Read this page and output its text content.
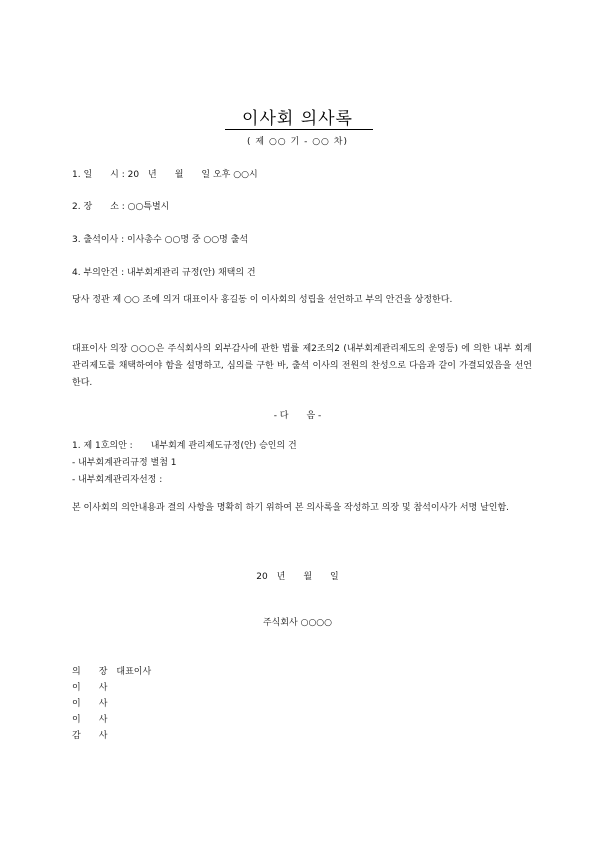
이사회 의사록
( 제 ○○ 기 - ○○ 차)
1. 일　　시 : 20　년　　월　　일 오후 ○○시
2. 장　　소 : ○○특별시
3. 출석이사 : 이사총수 ○○명 중 ○○명 출석
4. 부의안건 : 내부회계관리 규정(안) 채택의 건
당사 정관 제 ○○ 조에 의거 대표이사 홍길동 이 이사회의 성립을 선언하고 부의 안건을 상정한다.
대표이사 의장 ○○○은 주식회사의 외부감사에 관한 법률 제2조의2 (내부회계관리제도의 운영등) 에 의한 내부 회계관리제도를 채택하여야 함을 설명하고, 심의를 구한 바, 출석 이사의 전원의 찬성으로 다음과 같이 가결되었음을 선언한다.
- 다　　음 -
1. 제 1호의안 :　　내부회계 관리제도규정(안) 승인의 건
- 내부회계관리규정 별첨 1
- 내부회계관리자선정 :
본 이사회의 의안내용과 결의 사항을 명확히 하기 위하여 본 의사록을 작성하고 의장 및 참석이사가 서명 날인함.
20　년　　월　　일
주식회사 ○○○○
의　　장　대표이사
이　　사
이　　사
이　　사
감　　사
